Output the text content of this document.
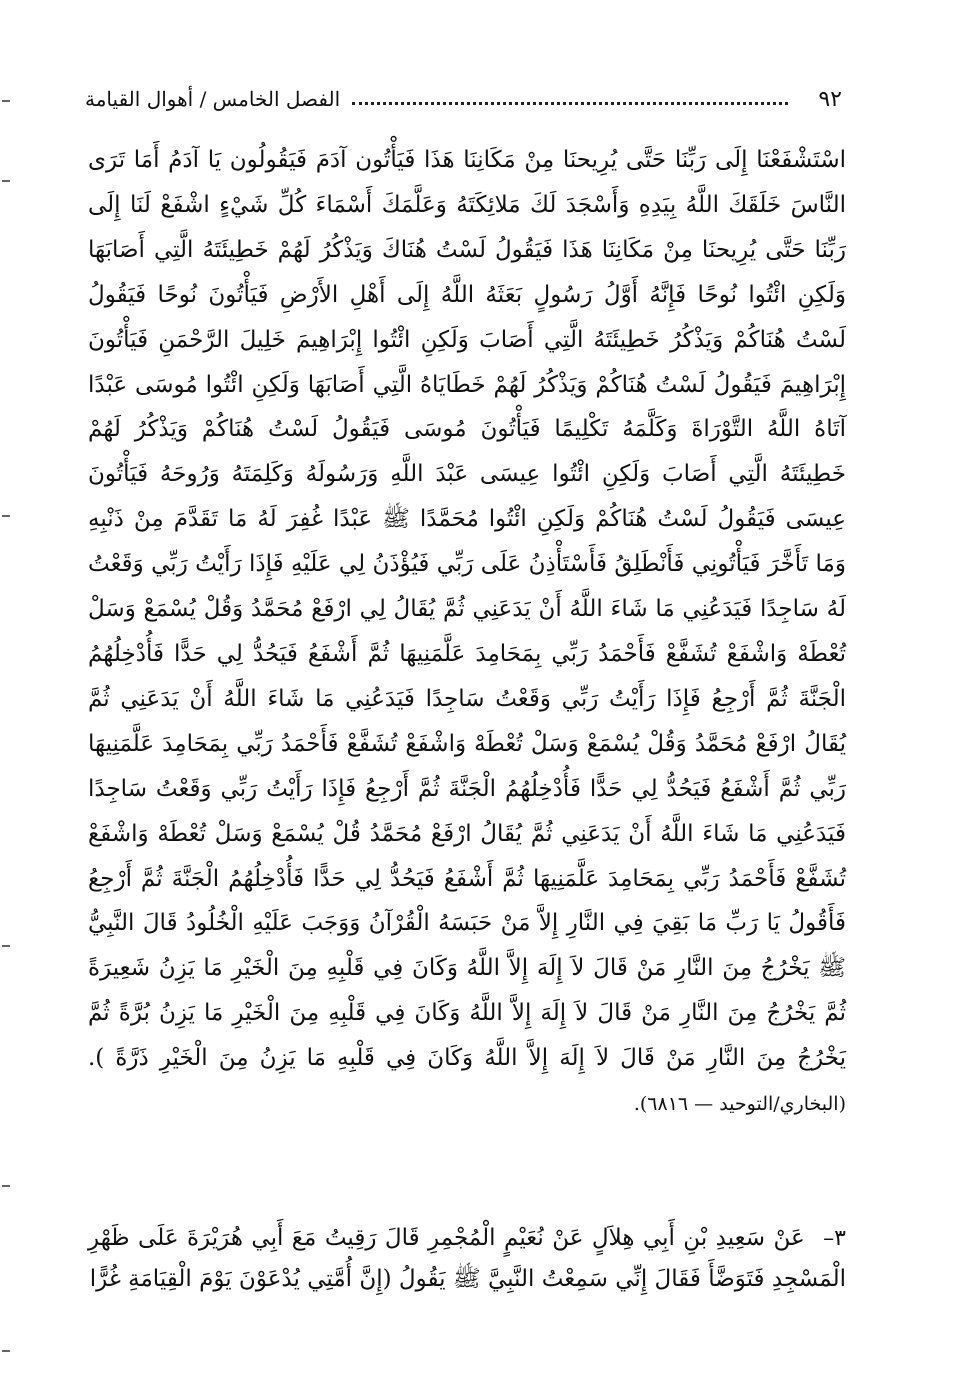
٩٢
الفصل الخامس / أهوال القيامة
اسْتَشْفَعْنَا إِلَى رَبِّنَا حَتَّى يُرِيحنَا مِنْ مَكَانِنَا هَذَا فَيَأْتُون آدَمَ فَيَقُولُون يَا آدَمُ أَمَا تَرَى النَّاسَ خَلَقَكَ اللَّهُ بِيَدِهِ وَأَسْجَدَ لَكَ مَلائِكَتَهُ وَعَلَّمَكَ أَسْمَاءَ كُلِّ شَيْءٍ اشْفَعْ لَنَا إِلَى رَبِّنَا حَتَّى يُرِيحنَا مِنْ مَكَانِنَا هَذَا فَيَقُولُ لَسْتُ هُنَاكَ وَيَذْكُرُ لَهُمْ خَطِيئَتَهُ الَّتِي أَصَابَهَا وَلَكِنِ ائْتُوا نُوحًا فَإِنَّهُ أَوَّلُ رَسُولٍ بَعَثَهُ اللَّهُ إِلَى أَهْلِ الأَرْضِ فَيَأْتُونَ نُوحًا فَيَقُولُ لَسْتُ هُنَاكُمْ وَيَذْكُرُ خَطِيئَتَهُ الَّتِي أَصَابَ وَلَكِنِ ائْتُوا إِبْرَاهِيمَ خَلِيلَ الرَّحْمَنِ فَيَأْتُونَ إِبْرَاهِيمَ فَيَقُولُ لَسْتُ هُنَاكُمْ وَيَذْكُرُ لَهُمْ خَطَايَاهُ الَّتِي أَصَابَهَا وَلَكِنِ ائْتُوا مُوسَى عَبْدًا آتَاهُ اللَّهُ التَّوْرَاةَ وَكَلَّمَهُ تَكْلِيمًا فَيَأْتُونَ مُوسَى فَيَقُولُ لَسْتُ هُنَاكُمْ وَيَذْكُرُ لَهُمْ خَطِيئَتَهُ الَّتِي أَصَابَ وَلَكِنِ ائْتُوا عِيسَى عَبْدَ اللَّهِ وَرَسُولَهُ وَكَلِمَتَهُ وَرُوحَهُ فَيَأْتُونَ عِيسَى فَيَقُولُ لَسْتُ هُنَاكُمْ وَلَكِنِ ائْتُوا مُحَمَّدًا ﷺ عَبْدًا غُفِرَ لَهُ مَا تَقَدَّمَ مِنْ ذَنْبِهِ وَمَا تَأَخَّرَ فَيَأْتُونِي فَأَنْطَلِقُ فَأَسْتَأْذِنُ عَلَى رَبِّي فَيُؤْذَنُ لِي عَلَيْهِ فَإِذَا رَأَيْتُ رَبِّي وَقَعْتُ لَهُ سَاجِدًا فَيَدَعُنِي مَا شَاءَ اللَّهُ أَنْ يَدَعَنِي ثُمَّ يُقَالُ لِي ارْفَعْ مُحَمَّدُ وَقُلْ يُسْمَعْ وَسَلْ تُعْطَهْ وَاشْفَعْ تُشَفَّعْ فَأَحْمَدُ رَبِّي بِمَحَامِدَ عَلَّمَنِيهَا ثُمَّ أَشْفَعُ فَيَحُدُّ لِي حَدًّا فَأُدْخِلُهُمُ الْجَنَّةَ ثُمَّ أَرْجِعُ فَإِذَا رَأَيْتُ رَبِّي وَقَعْتُ سَاجِدًا فَيَدَعُنِي مَا شَاءَ اللَّهُ أَنْ يَدَعَنِي ثُمَّ يُقَالُ ارْفَعْ مُحَمَّدُ وَقُلْ يُسْمَعْ وَسَلْ تُعْطَهْ وَاشْفَعْ تُشَفَّعْ فَأَحْمَدُ رَبِّي بِمَحَامِدَ عَلَّمَنِيهَا رَبِّي ثُمَّ أَشْفَعُ فَيَحُدُّ لِي حَدًّا فَأُدْخِلُهُمُ الْجَنَّةَ ثُمَّ أَرْجِعُ فَإِذَا رَأَيْتُ رَبِّي وَقَعْتُ سَاجِدًا فَيَدَعُنِي مَا شَاءَ اللَّهُ أَنْ يَدَعَنِي ثُمَّ يُقَالُ ارْفَعْ مُحَمَّدُ قُلْ يُسْمَعْ وَسَلْ تُعْطَهْ وَاشْفَعْ تُشَفَّعْ فَأَحْمَدُ رَبِّي بِمَحَامِدَ عَلَّمَنِيهَا ثُمَّ أَشْفَعُ فَيَحُدُّ لِي حَدًّا فَأُدْخِلُهُمُ الْجَنَّةَ ثُمَّ أَرْجِعُ فَأَقُولُ يَا رَبِّ مَا بَقِيَ فِي النَّارِ إِلاَّ مَنْ حَبَسَهُ الْقُرْآنُ وَوَجَبَ عَلَيْهِ الْخُلُودُ قَالَ النَّبِيُّ ﷺ يَخْرُجُ مِنَ النَّارِ مَنْ قَالَ لاَ إِلَهَ إِلاَّ اللَّهُ وَكَانَ فِي قَلْبِهِ مِنَ الْخَيْرِ مَا يَزِنُ شَعِيرَةً ثُمَّ يَخْرُجُ مِنَ النَّارِ مَنْ قَالَ لاَ إِلَهَ إِلاَّ اللَّهُ وَكَانَ فِي قَلْبِهِ مِنَ الْخَيْرِ مَا يَزِنُ بُرَّةً ثُمَّ يَخْرُجُ مِنَ النَّارِ مَنْ قَالَ لاَ إِلَهَ إِلاَّ اللَّهُ وَكَانَ فِي قَلْبِهِ مَا يَزِنُ مِنَ الْخَيْرِ ذَرَّةً ). (البخاري/التوحيد — ٦٨١٦).
٣– عَنْ سَعِيدِ بْنِ أَبِي هِلاَلٍ عَنْ نُعَيْمٍ الْمُجْمِرِ قَالَ رَقِيتُ مَعَ أَبِي هُرَيْرَةَ عَلَى ظَهْرِ الْمَسْجِدِ فَتَوَضَّأَ فَقَالَ إِنِّي سَمِعْتُ النَّبِيَّ ﷺ يَقُولُ (إِنَّ أُمَّتِي يُدْعَوْنَ يَوْمَ الْقِيَامَةِ غُرًّا
